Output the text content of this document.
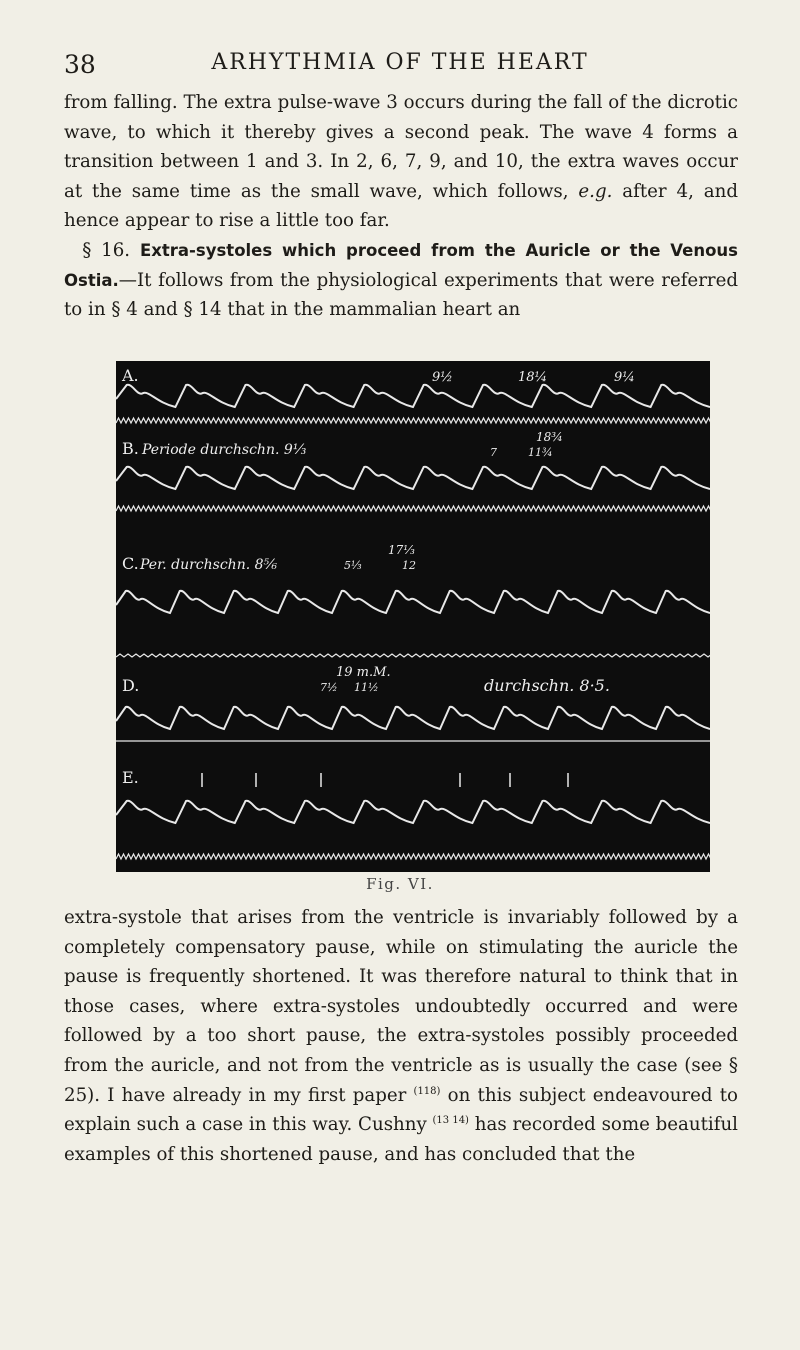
38	ARHYTHMIA OF THE HEART

from falling. The extra pulse-wave 3 occurs during the fall of the dicrotic wave, to which it thereby gives a second peak. The wave 4 forms a transition between 1 and 3. In 2, 6, 7, 9, and 10, the extra waves occur at the same time as the small wave, which follows, e.g. after 4, and hence appear to rise a little too far.
 § 16. Extra-systoles which proceed from the Auricle or the Venous Ostia.—It follows from the physiological experiments that were referred to in § 4 and § 14 that in the mammalian heart an

A.	9½	18¼	9¼
B. Periode durchschn. 9⅓
18¾
7	11¾
C. Per. durchschn. 8⅚
17⅓
5⅓	12
D.
19 m.M.
7½ 11½	durchschn. 8·5.
E.
Fig. VI.

extra-systole that arises from the ventricle is invariably followed by a completely compensatory pause, while on stimulating the auricle the pause is frequently shortened. It was therefore natural to think that in those cases, where extra-systoles undoubtedly occurred and were followed by a too short pause, the extra-systoles possibly proceeded from the auricle, and not from the ventricle as is usually the case (see § 25). I have already in my first paper $^{(118)}$ on this subject endeavoured to explain such a case in this way. Cushny $^{(13 14)}$ has recorded some beautiful examples of this shortened pause, and has concluded that the
